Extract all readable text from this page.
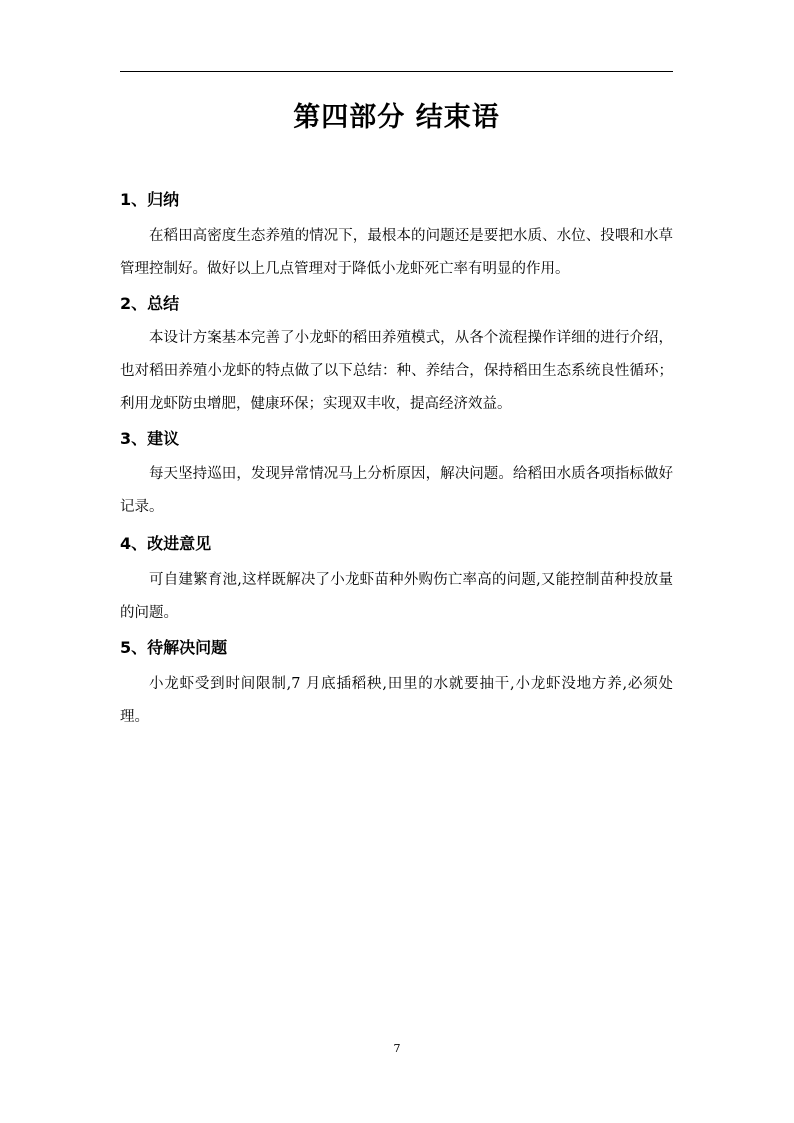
第四部分 结束语
1、归纳
在稻田高密度生态养殖的情况下，最根本的问题还是要把水质、水位、投喂和水草管理控制好。做好以上几点管理对于降低小龙虾死亡率有明显的作用。
2、总结
本设计方案基本完善了小龙虾的稻田养殖模式，从各个流程操作详细的进行介绍，也对稻田养殖小龙虾的特点做了以下总结：种、养结合，保持稻田生态系统良性循环；利用龙虾防虫增肥，健康环保；实现双丰收，提高经济效益。
3、建议
每天坚持巡田，发现异常情况马上分析原因，解决问题。给稻田水质各项指标做好记录。
4、改进意见
可自建繁育池,这样既解决了小龙虾苗种外购伤亡率高的问题,又能控制苗种投放量的问题。
5、待解决问题
小龙虾受到时间限制,7 月底插稻秧,田里的水就要抽干,小龙虾没地方养,必须处理。
7
